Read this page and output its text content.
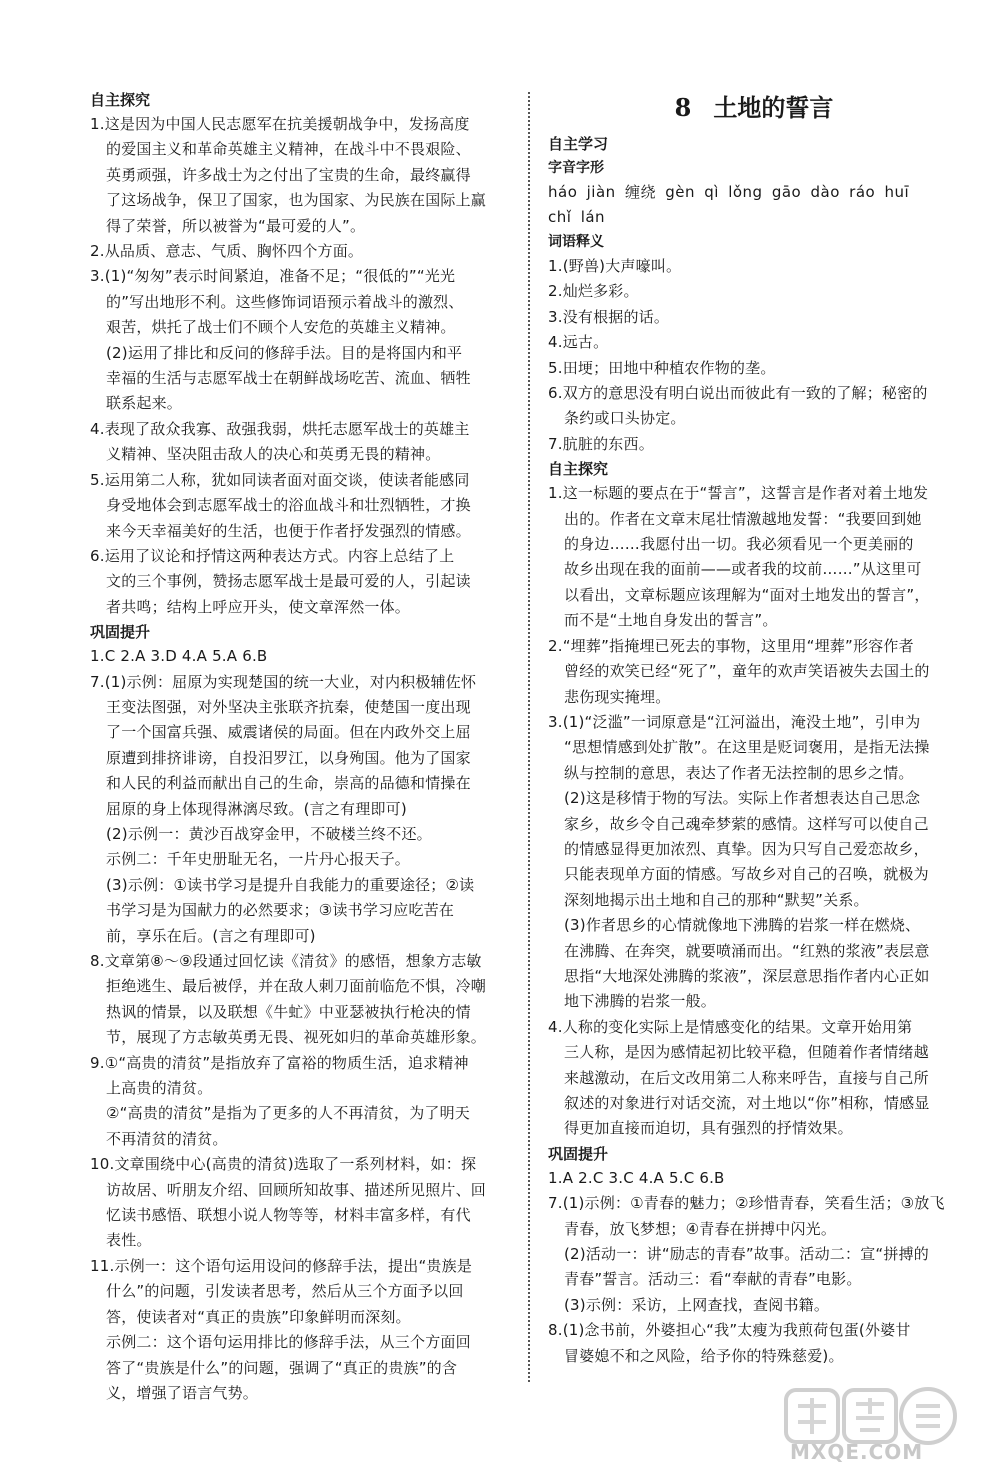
自主探究

1.这是因为中国人民志愿军在抗美援朝战争中，发扬高度

的爱国主义和革命英雄主义精神，在战斗中不畏艰险、

英勇顽强，许多战士为之付出了宝贵的生命，最终赢得

了这场战争，保卫了国家，也为国家、为民族在国际上赢

得了荣誉，所以被誉为“最可爱的人”。

2.从品质、意志、气质、胸怀四个方面。

3.(1)“匆匆”表示时间紧迫，准备不足；“很低的”“光光

的”写出地形不利。这些修饰词语预示着战斗的激烈、

艰苦，烘托了战士们不顾个人安危的英雄主义精神。

(2)运用了排比和反问的修辞手法。目的是将国内和平

幸福的生活与志愿军战士在朝鲜战场吃苦、流血、牺牲

联系起来。

4.表现了敌众我寡、敌强我弱，烘托志愿军战士的英雄主

义精神、坚决阻击敌人的决心和英勇无畏的精神。

5.运用第二人称，犹如同读者面对面交谈，使读者能感同

身受地体会到志愿军战士的浴血战斗和壮烈牺牲，才换

来今天幸福美好的生活，也便于作者抒发强烈的情感。

6.运用了议论和抒情这两种表达方式。内容上总结了上

文的三个事例，赞扬志愿军战士是最可爱的人，引起读

者共鸣；结构上呼应开头，使文章浑然一体。

巩固提升

1.C 2.A 3.D 4.A 5.A 6.B

7.(1)示例：屈原为实现楚国的统一大业，对内积极辅佐怀

王变法图强，对外坚决主张联齐抗秦，使楚国一度出现

了一个国富兵强、威震诸侯的局面。但在内政外交上屈

原遭到排挤诽谤，自投汨罗江，以身殉国。他为了国家

和人民的利益而献出自己的生命，崇高的品德和情操在

屈原的身上体现得淋漓尽致。(言之有理即可)

(2)示例一：黄沙百战穿金甲，不破楼兰终不还。

示例二：千年史册耻无名，一片丹心报天子。

(3)示例：①读书学习是提升自我能力的重要途径；②读

书学习是为国献力的必然要求；③读书学习应吃苦在

前，享乐在后。(言之有理即可)

8.文章第⑧～⑨段通过回忆读《清贫》的感悟，想象方志敏

拒绝逃生、最后被俘，并在敌人刺刀面前临危不惧，冷嘲

热讽的情景，以及联想《牛虻》中亚瑟被执行枪决的情

节，展现了方志敏英勇无畏、视死如归的革命英雄形象。

9.①“高贵的清贫”是指放弃了富裕的物质生活，追求精神

上高贵的清贫。

②“高贵的清贫”是指为了更多的人不再清贫，为了明天

不再清贫的清贫。

10.文章围绕中心(高贵的清贫)选取了一系列材料，如：探

访故居、听朋友介绍、回顾所知故事、描述所见照片、回

忆读书感悟、联想小说人物等等，材料丰富多样，有代

表性。

11.示例一：这个语句运用设问的修辞手法，提出“贵族是

什么”的问题，引发读者思考，然后从三个方面予以回

答，使读者对“真正的贵族”印象鲜明而深刻。

示例二：这个语句运用排比的修辞手法，从三个方面回

答了“贵族是什么”的问题，强调了“真正的贵族”的含

义，增强了语言气势。

8 土地的誓言

自主学习

字音字形

háo jiàn 缠绕 gèn qì lǒng gāo dào ráo huī

chǐ lán

词语释义

1.(野兽)大声嚎叫。

2.灿烂多彩。

3.没有根据的话。

4.远古。

5.田埂；田地中种植农作物的垄。

6.双方的意思没有明白说出而彼此有一致的了解；秘密的

条约或口头协定。

7.肮脏的东西。

自主探究

1.这一标题的要点在于“誓言”，这誓言是作者对着土地发

出的。作者在文章末尾壮情激越地发誓：“我要回到她

的身边……我愿付出一切。我必须看见一个更美丽的

故乡出现在我的面前——或者我的坟前……”从这里可

以看出，文章标题应该理解为“面对土地发出的誓言”，

而不是“土地自身发出的誓言”。

2.“埋葬”指掩埋已死去的事物，这里用“埋葬”形容作者

曾经的欢笑已经“死了”，童年的欢声笑语被失去国土的

悲伤现实掩埋。

3.(1)“泛滥”一词原意是“江河溢出，淹没土地”，引申为

“思想情感到处扩散”。在这里是贬词褒用，是指无法操

纵与控制的意思，表达了作者无法控制的思乡之情。

(2)这是移情于物的写法。实际上作者想表达自己思念

家乡，故乡令自己魂牵梦萦的感情。这样写可以使自己

的情感显得更加浓烈、真挚。因为只写自己爱恋故乡，

只能表现单方面的情感。写故乡对自己的召唤，就极为

深刻地揭示出土地和自己的那种“默契”关系。

(3)作者思乡的心情就像地下沸腾的岩浆一样在燃烧、

在沸腾、在奔突，就要喷涌而出。“红熟的浆液”表层意

思指“大地深处沸腾的浆液”，深层意思指作者内心正如

地下沸腾的岩浆一般。

4.人称的变化实际上是情感变化的结果。文章开始用第

三人称，是因为感情起初比较平稳，但随着作者情绪越

来越激动，在后文改用第二人称来呼告，直接与自己所

叙述的对象进行对话交流，对土地以“你”相称，情感显

得更加直接而迫切，具有强烈的抒情效果。

巩固提升

1.A 2.C 3.C 4.A 5.C 6.B

7.(1)示例：①青春的魅力；②珍惜青春，笑看生活；③放飞

青春，放飞梦想；④青春在拼搏中闪光。

(2)活动一：讲“励志的青春”故事。活动二：宣“拼搏的

青春”誓言。活动三：看“奉献的青春”电影。

(3)示例：采访，上网查找，查阅书籍。

8.(1)念书前，外婆担心“我”太瘦为我煎荷包蛋(外婆甘

冒婆媳不和之风险，给予你的特殊慈爱)。

MXQE.COM
